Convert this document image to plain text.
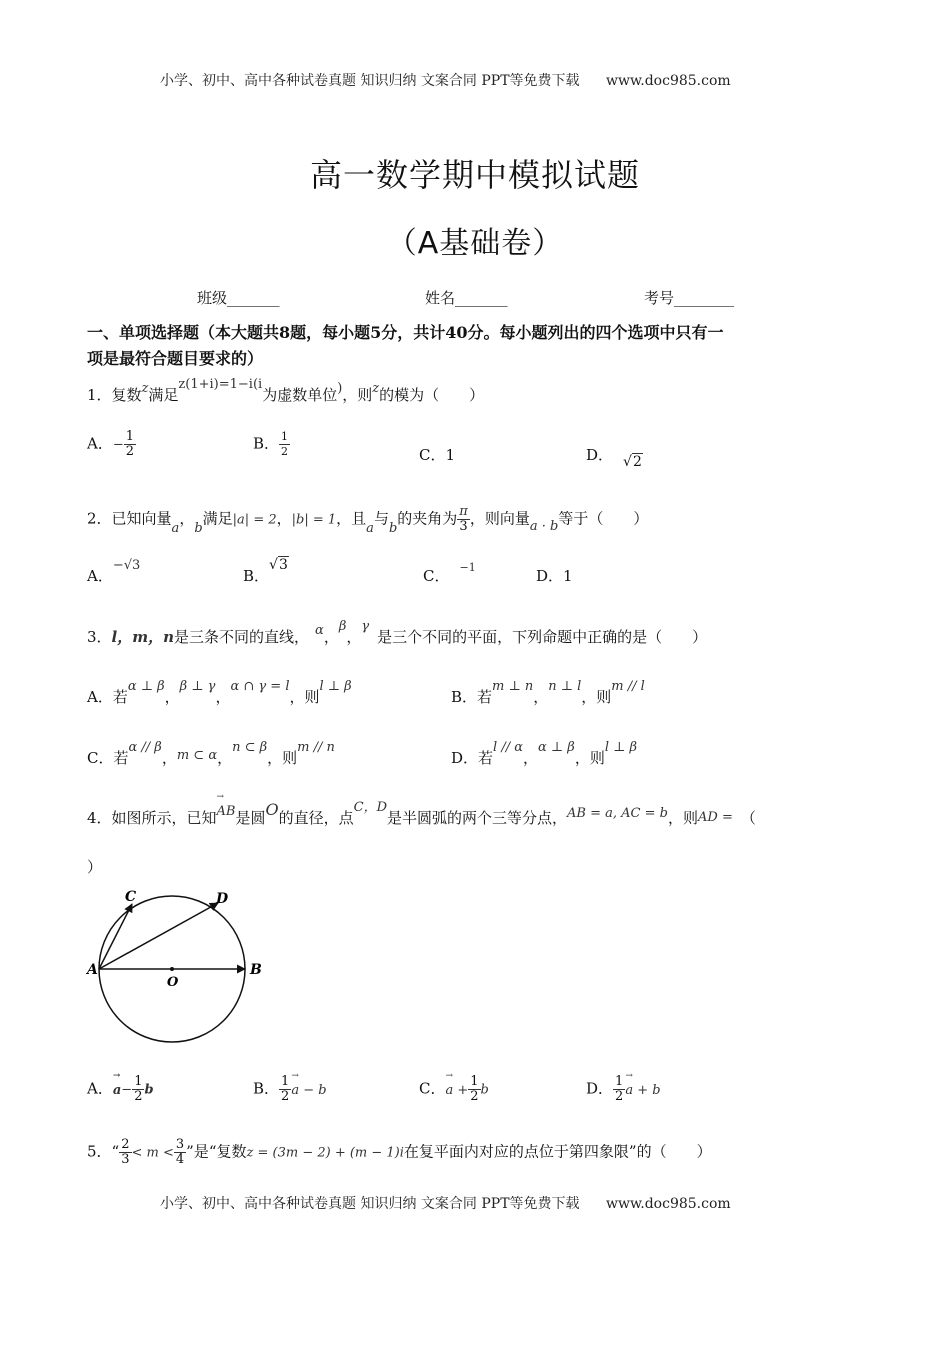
小学、初中、高中各种试卷真题 知识归纳 文案合同 PPT等免费下载 www.doc985.com
高一数学期中模拟试题
（A基础卷）
班级_______	姓名_______	考号________
一、单项选择题（本大题共8题，每小题5分，共计40分。每小题列出的四个选项中只有一
项是最符合题目要求的）
1．复数z满足z(1+i)=1−i(i为虚数单位)，则z的模为（　　）
A．− $\frac{1}{2}$	B． $\frac{1}{2}$	C．1	D． √2
2．已知向量a，b满足|a| = 2，|b| = 1，且a与b的夹角为 $\frac{\pi}{3}$ ，则向量a · b等于（　　）
A．−√3
B．√3
C． $^{-1}$	D．1
3．l，m，n是三条不同的直线， α，β，γ是三个不同的平面，下列命题中正确的是（　　）
A．若α ⊥ β，β ⊥ γ，α ∩ γ = l，则l ⊥ β
B．若m ⊥ n，n ⊥ l，则m // l
C．若α // β，m ⊂ α，n ⊂ β，则m // n
D．若l // α，α ⊥ β，则l ⊥ β
4．如图所示，已知→ AB是圆O的直径，点C，D是半圆弧的两个三等分点，AB = a, AC = b，则AD = （
）
A	B
C	D
O
A．→ $a- \frac{1}{2}$ b	B． $\frac{1}{2}$
→ a − b	C．→ $a + \frac{1}{2}$ b	D． $\frac{1}{2}$
→ a + b
5．“ $\frac{2}{3} < m < \frac{3}{4}$ ”是“复数z = (3m − 2) + (m − 1)i在复平面内对应的点位于第四象限”的（　　）
小学、初中、高中各种试卷真题 知识归纳 文案合同 PPT等免费下载 www.doc985.com
